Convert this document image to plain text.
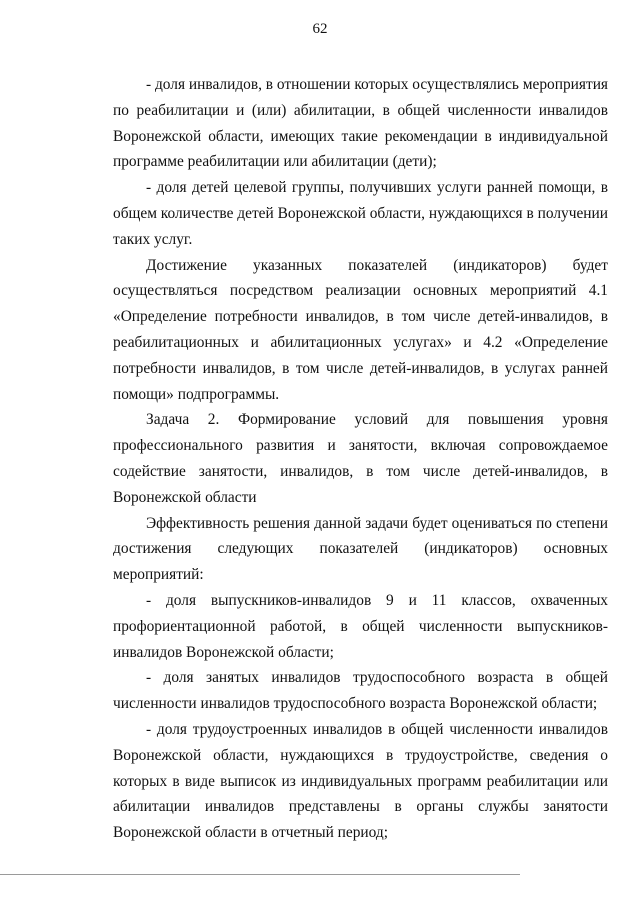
62

- доля инвалидов, в отношении которых осуществлялись мероприятия по реабилитации и (или) абилитации, в общей численности инвалидов Воронежской области, имеющих такие рекомендации в индивидуальной программе реабилитации или абилитации (дети);

- доля детей целевой группы, получивших услуги ранней помощи, в общем количестве детей Воронежской области, нуждающихся в получении таких услуг.

Достижение указанных показателей (индикаторов) будет осуществляться посредством реализации основных мероприятий 4.1 «Определение потребности инвалидов, в том числе детей-инвалидов, в реабилитационных и абилитационных услугах» и 4.2 «Определение потребности инвалидов, в том числе детей-инвалидов, в услугах ранней помощи» подпрограммы.

Задача 2. Формирование условий для повышения уровня профессионального развития и занятости, включая сопровождаемое содействие занятости, инвалидов, в том числе детей-инвалидов, в Воронежской области

Эффективность решения данной задачи будет оцениваться по степени достижения следующих показателей (индикаторов) основных мероприятий:

- доля выпускников-инвалидов 9 и 11 классов, охваченных профориентационной работой, в общей численности выпускников-инвалидов Воронежской области;

- доля занятых инвалидов трудоспособного возраста в общей численности инвалидов трудоспособного возраста Воронежской области;

- доля трудоустроенных инвалидов в общей численности инвалидов Воронежской области, нуждающихся в трудоустройстве, сведения о которых в виде выписок из индивидуальных программ реабилитации или абилитации инвалидов представлены в органы службы занятости Воронежской области в отчетный период;
